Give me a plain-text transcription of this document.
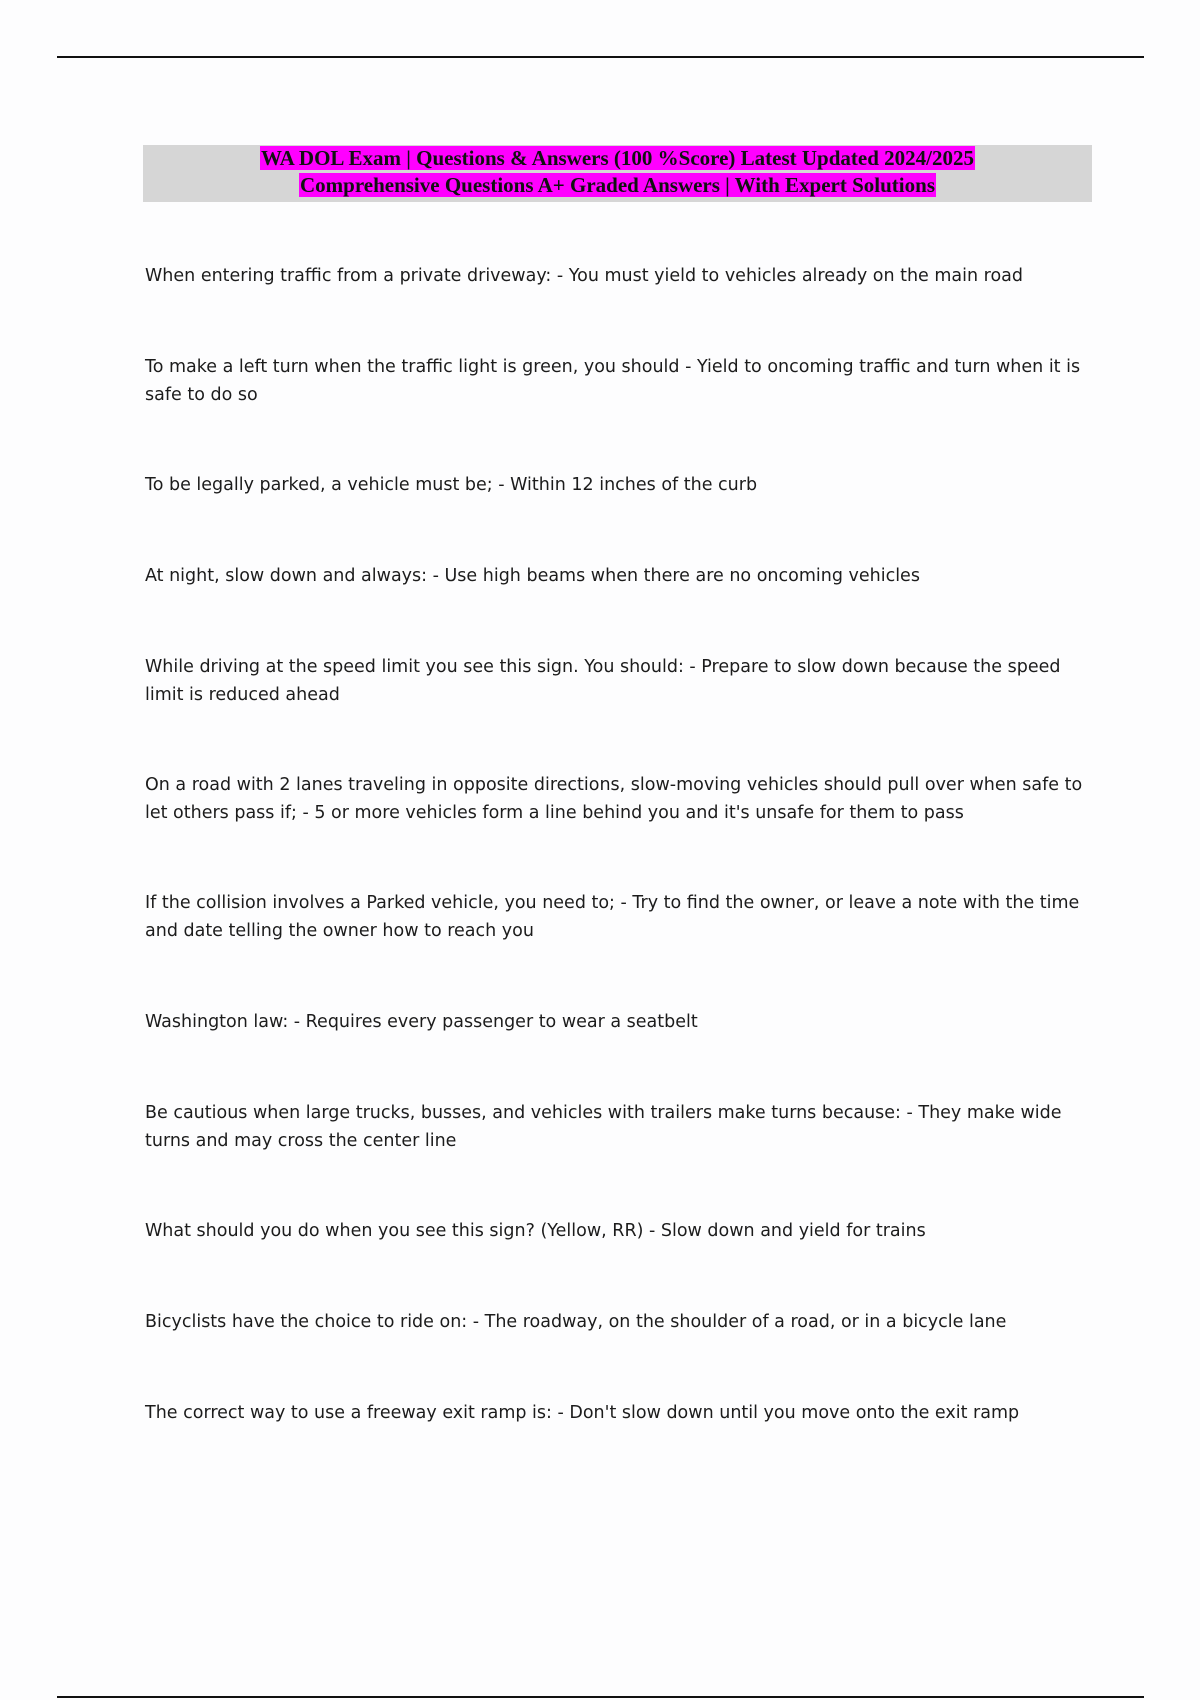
WA DOL Exam | Questions & Answers (100 %Score) Latest Updated 2024/2025
Comprehensive Questions A+ Graded Answers | With Expert Solutions
When entering traffic from a private driveway: - You must yield to vehicles already on the main road
To make a left turn when the traffic light is green, you should - Yield to oncoming traffic and turn when it is safe to do so
To be legally parked, a vehicle must be; - Within 12 inches of the curb
At night, slow down and always: - Use high beams when there are no oncoming vehicles
While driving at the speed limit you see this sign. You should: - Prepare to slow down because the speed limit is reduced ahead
On a road with 2 lanes traveling in opposite directions, slow-moving vehicles should pull over when safe to let others pass if; - 5 or more vehicles form a line behind you and it's unsafe for them to pass
If the collision involves a Parked vehicle, you need to; - Try to find the owner, or leave a note with the time and date telling the owner how to reach you
Washington law: - Requires every passenger to wear a seatbelt
Be cautious when large trucks, busses, and vehicles with trailers make turns because: - They make wide turns and may cross the center line
What should you do when you see this sign? (Yellow, RR) - Slow down and yield for trains
Bicyclists have the choice to ride on: - The roadway, on the shoulder of a road, or in a bicycle lane
The correct way to use a freeway exit ramp is: - Don't slow down until you move onto the exit ramp
